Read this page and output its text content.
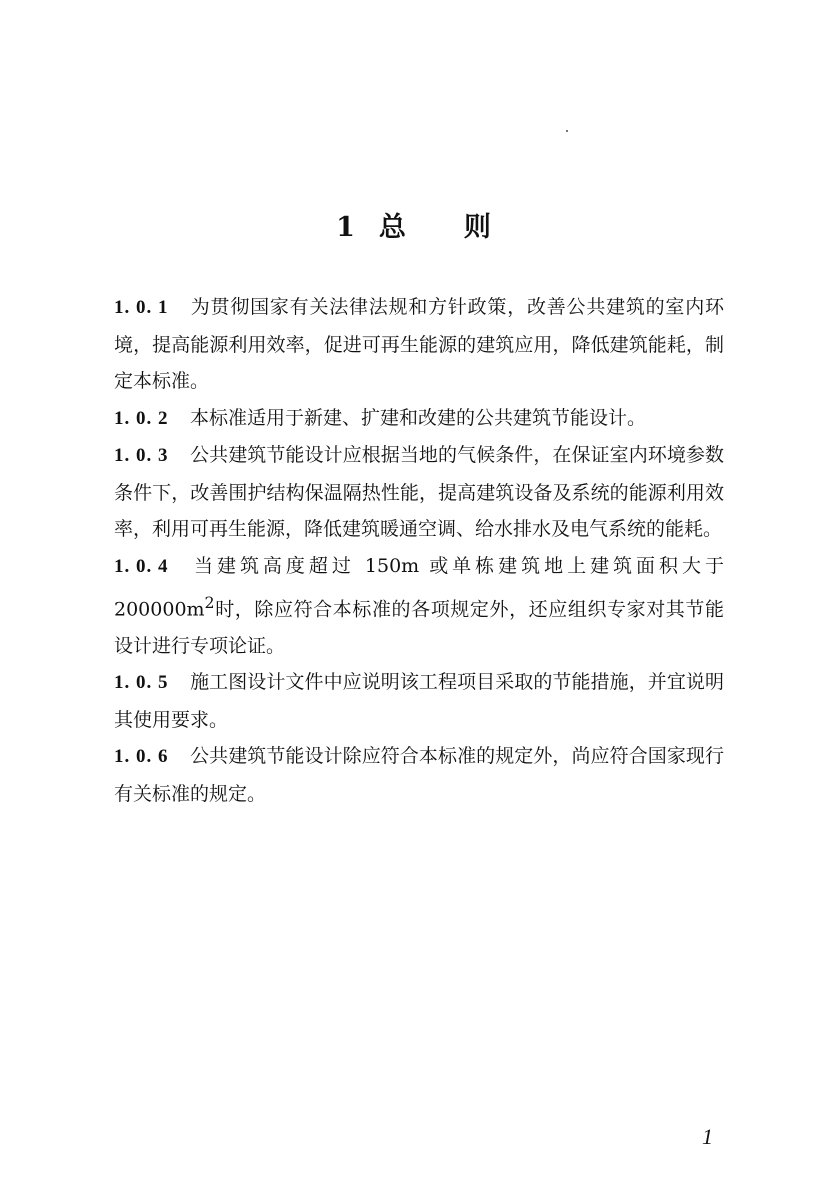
1 总 则

1. 0. 1 为贯彻国家有关法律法规和方针政策，改善公共建筑的室内环境，提高能源利用效率，促进可再生能源的建筑应用，降低建筑能耗，制定本标准。

1. 0. 2 本标准适用于新建、扩建和改建的公共建筑节能设计。

1. 0. 3 公共建筑节能设计应根据当地的气候条件，在保证室内环境参数条件下，改善围护结构保温隔热性能，提高建筑设备及系统的能源利用效率，利用可再生能源，降低建筑暖通空调、给水排水及电气系统的能耗。

1. 0. 4 当建筑高度超过 150m 或单栋建筑地上建筑面积大于 $200000m^2$时，除应符合本标准的各项规定外，还应组织专家对其节能设计进行专项论证。

1. 0. 5 施工图设计文件中应说明该工程项目采取的节能措施，并宜说明其使用要求。

1. 0. 6 公共建筑节能设计除应符合本标准的规定外，尚应符合国家现行有关标准的规定。

1
